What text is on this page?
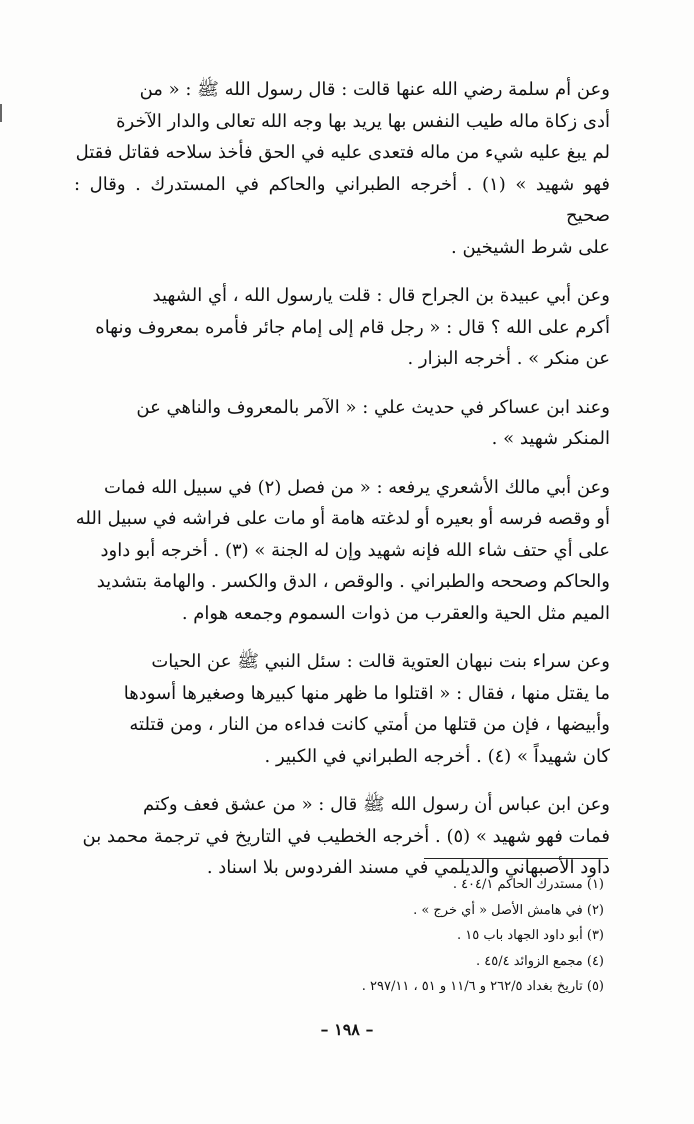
وعن أم سلمة رضي الله عنها قالت : قال رسول الله ﷺ : « من
أدى زكاة ماله طيب النفس بها يريد بها وجه الله تعالى والدار الآخرة
لم يبغ عليه شيء من ماله فتعدى عليه في الحق فأخذ سلاحه فقاتل فقتل
فهو شهيد » (١) . أخرجه الطبراني والحاكم في المستدرك . وقال : صحيح
على شرط الشيخين .

وعن أبي عبيدة بن الجراح قال : قلت يارسول الله ، أي الشهيد
أكرم على الله ؟ قال : « رجل قام إلى إمام جائر فأمره بمعروف ونهاه
عن منكر » . أخرجه البزار .

وعند ابن عساكر في حديث علي : « الآمر بالمعروف والناهي عن
المنكر شهيد » .

وعن أبي مالك الأشعري يرفعه : « من فصل (٢) في سبيل الله فمات
أو وقصه فرسه أو بعيره أو لدغته هامة أو مات على فراشه في سبيل الله
على أي حتف شاء الله فإنه شهيد وإن له الجنة » (٣) . أخرجه أبو داود
والحاكم وصححه والطبراني . والوقص ، الدق والكسر . والهامة بتشديد
الميم مثل الحية والعقرب من ذوات السموم وجمعه هوام .

وعن سراء بنت نبهان العتوية قالت : سئل النبي ﷺ عن الحيات
ما يقتل منها ، فقال : « اقتلوا ما ظهر منها كبيرها وصغيرها أسودها
وأبيضها ، فإن من قتلها من أمتي كانت فداءه من النار ، ومن قتلته
كان شهيداً » (٤) . أخرجه الطبراني في الكبير .

وعن ابن عباس أن رسول الله ﷺ قال : « من عشق فعف وكتم
فمات فهو شهيد » (٥) . أخرجه الخطيب في التاريخ في ترجمة محمد بن
داود الأصبهاني والديلمي في مسند الفردوس بلا اسناد .

(١) مستدرك الحاكم ٤٠٤/١ .
(٢) في هامش الأصل « أي خرج » .
(٣) أبو داود الجهاد باب ١٥ .
(٤) مجمع الزوائد ٤٥/٤ .
(٥) تاريخ بغداد ٢٦٢/٥ و ١١/٦ و ٥١ ، ٢٩٧/١١ .
– ١٩٨ –
